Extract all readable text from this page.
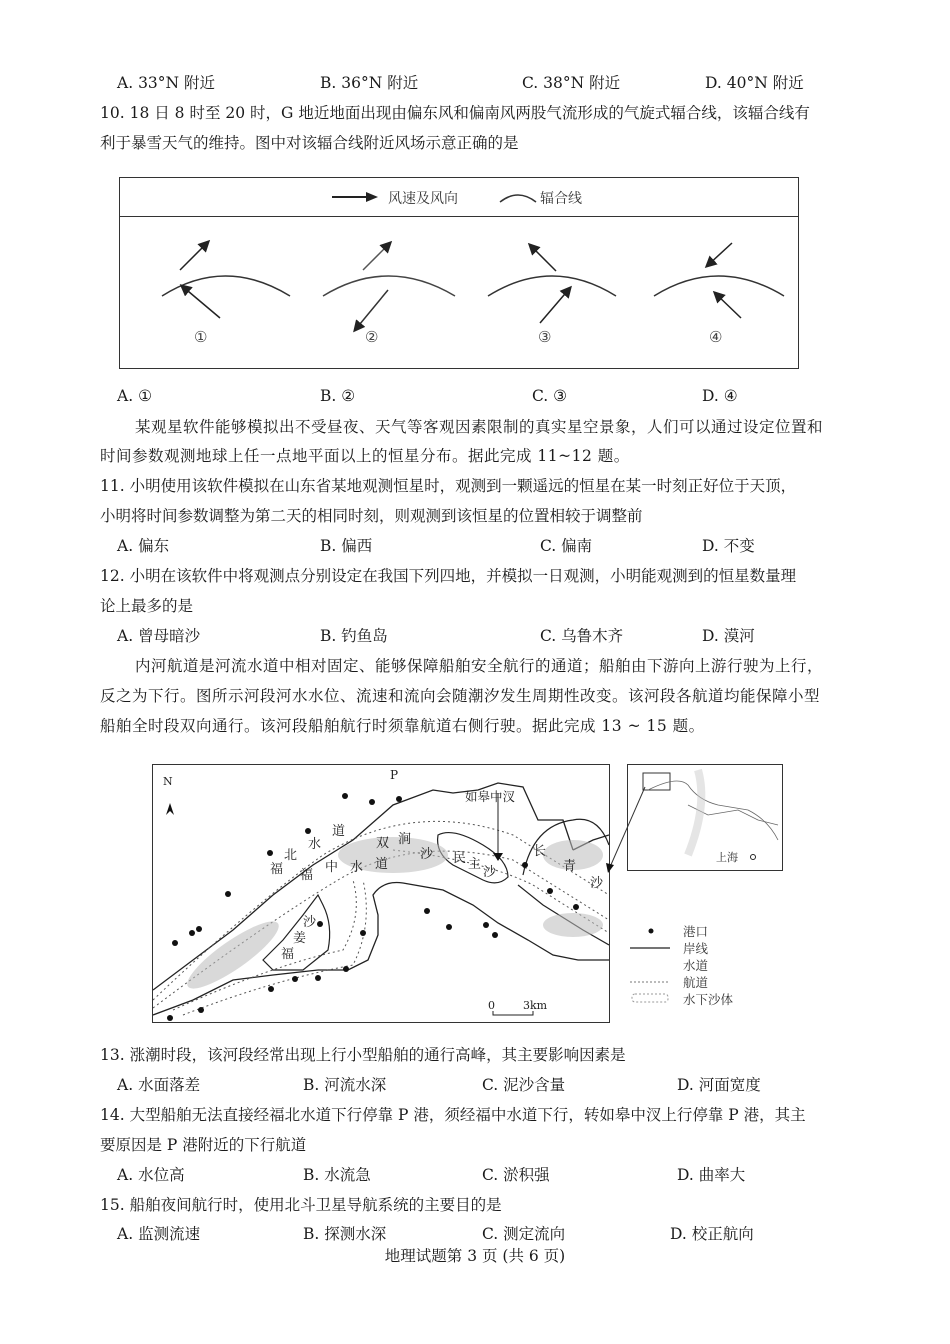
A. 33°N 附近	B. 36°N 附近	C. 38°N 附近	D. 40°N 附近
10. 18 日 8 时至 20 时，G 地近地面出现由偏东风和偏南风两股气流形成的气旋式辐合线，该辐合线有
利于暴雪天气的维持。图中对该辐合线附近风场示意正确的是
风速及风向	辐合线
①	②	③	④
A. ①	B. ②	C. ③	D. ④
某观星软件能够模拟出不受昼夜、天气等客观因素限制的真实星空景象，人们可以通过设定位置和
时间参数观测地球上任一点地平面以上的恒星分布。据此完成 11~12 题。
11. 小明使用该软件模拟在山东省某地观测恒星时，观测到一颗遥远的恒星在某一时刻正好位于天顶，
小明将时间参数调整为第二天的相同时刻，则观测到该恒星的位置相较于调整前
A. 偏东	B. 偏西	C. 偏南	D. 不变
12. 小明在该软件中将观测点分别设定在我国下列四地，并模拟一日观测，小明能观测到的恒星数量理
论上最多的是
A. 曾母暗沙	B. 钓鱼岛	C. 乌鲁木齐	D. 漠河
内河航道是河流水道中相对固定、能够保障船舶安全航行的通道；船舶由下游向上游行驶为上行，
反之为下行。图所示河段河水水位、流速和流向会随潮汐发生周期性改变。该河段各航道均能保障小型
船舶全时段双向通行。该河段船舶航行时须靠航道右侧行驶。据此完成 13 ~ 15 题。
N	P
如皋中汊
福
北
水
道
双 涧
沙
福
中 水 道	民 主
沙
长
青
沙
福
姜
沙
0	3km
上海
港口
岸线
水道
航道
水下沙体
13. 涨潮时段，该河段经常出现上行小型船舶的通行高峰，其主要影响因素是
A. 水面落差	B. 河流水深	C. 泥沙含量	D. 河面宽度
14. 大型船舶无法直接经福北水道下行停靠 P 港，须经福中水道下行，转如皋中汊上行停靠 P 港，其主
要原因是 P 港附近的下行航道
A. 水位高	B. 水流急	C. 淤积强	D. 曲率大
15. 船舶夜间航行时，使用北斗卫星导航系统的主要目的是
A. 监测流速	B. 探测水深	C. 测定流向	D. 校正航向
地理试题第 3 页 (共 6 页)
